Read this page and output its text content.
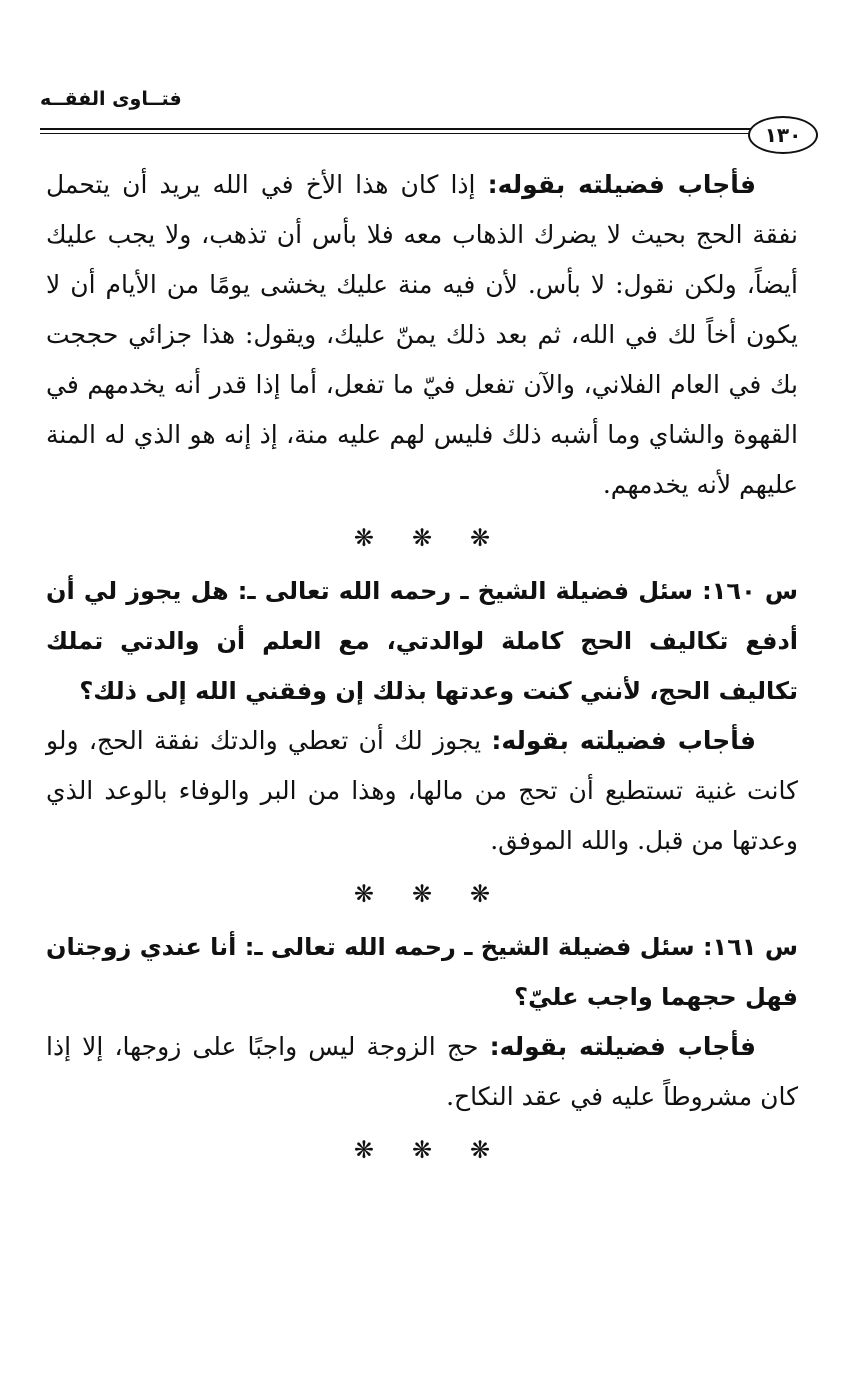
فتــاوى الفقــه
١٣٠

فأجاب فضيلته بقوله: إذا كان هذا الأخ في الله يريد أن يتحمل نفقة الحج بحيث لا يضرك الذهاب معه فلا بأس أن تذهب، ولا يجب عليك أيضاً، ولكن نقول: لا بأس. لأن فيه منة عليك يخشى يومًا من الأيام أن لا يكون أخاً لك في الله، ثم بعد ذلك يمنّ عليك، ويقول: هذا جزائي حججت بك في العام الفلاني، والآن تفعل فيّ ما تفعل، أما إذا قدر أنه يخدمهم في القهوة والشاي وما أشبه ذلك فليس لهم عليه منة، إذ إنه هو الذي له المنة عليهم لأنه يخدمهم.

❋❋❋

س ١٦٠: سئل فضيلة الشيخ ـ رحمه الله تعالى ـ: هل يجوز لي أن أدفع تكاليف الحج كاملة لوالدتي، مع العلم أن والدتي تملك تكاليف الحج، لأنني كنت وعدتها بذلك إن وفقني الله إلى ذلك؟

فأجاب فضيلته بقوله: يجوز لك أن تعطي والدتك نفقة الحج، ولو كانت غنية تستطيع أن تحج من مالها، وهذا من البر والوفاء بالوعد الذي وعدتها من قبل. والله الموفق.

❋❋❋

س ١٦١: سئل فضيلة الشيخ ـ رحمه الله تعالى ـ: أنا عندي زوجتان فهل حجهما واجب عليّ؟

فأجاب فضيلته بقوله: حج الزوجة ليس واجبًا على زوجها، إلا إذا كان مشروطاً عليه في عقد النكاح.

❋❋❋
